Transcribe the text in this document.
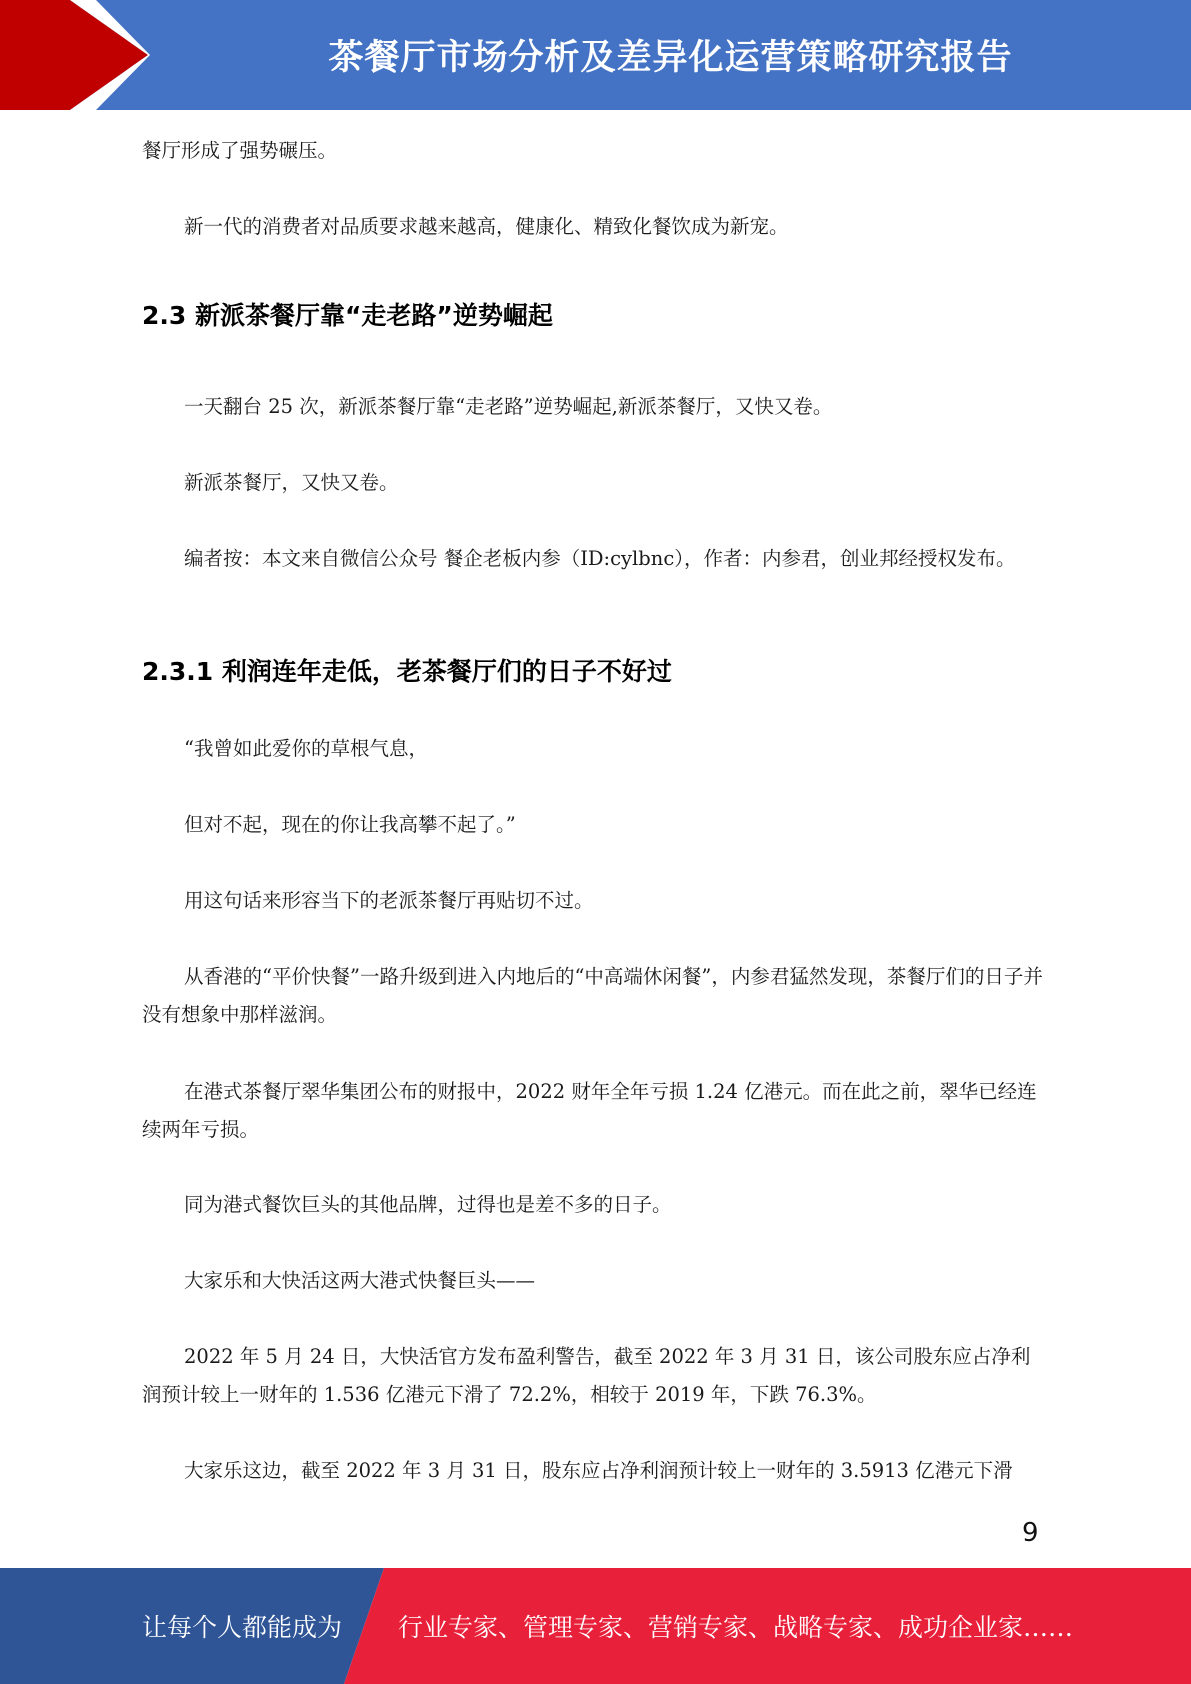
茶餐厅市场分析及差异化运营策略研究报告

餐厅形成了强势碾压。

新一代的消费者对品质要求越来越高，健康化、精致化餐饮成为新宠。

2.3 新派茶餐厅靠“走老路”逆势崛起

一天翻台 25 次，新派茶餐厅靠“走老路”逆势崛起,新派茶餐厅，又快又卷。

新派茶餐厅，又快又卷。

编者按：本文来自微信公众号 餐企老板内参（ID:cylbnc），作者：内参君，创业邦经授权发布。

2.3.1 利润连年走低，老茶餐厅们的日子不好过

“我曾如此爱你的草根气息，

但对不起，现在的你让我高攀不起了。”

用这句话来形容当下的老派茶餐厅再贴切不过。

从香港的“平价快餐”一路升级到进入内地后的“中高端休闲餐”，内参君猛然发现，茶餐厅们的日子并没有想象中那样滋润。

在港式茶餐厅翠华集团公布的财报中，2022 财年全年亏损 1.24 亿港元。而在此之前，翠华已经连续两年亏损。

同为港式餐饮巨头的其他品牌，过得也是差不多的日子。

大家乐和大快活这两大港式快餐巨头——

2022 年 5 月 24 日，大快活官方发布盈利警告，截至 2022 年 3 月 31 日，该公司股东应占净利润预计较上一财年的 1.536 亿港元下滑了 72.2%，相较于 2019 年，下跌 76.3%。

大家乐这边，截至 2022 年 3 月 31 日，股东应占净利润预计较上一财年的 3.5913 亿港元下滑

9
让每个人都能成为 行业专家、管理专家、营销专家、战略专家、成功企业家……
